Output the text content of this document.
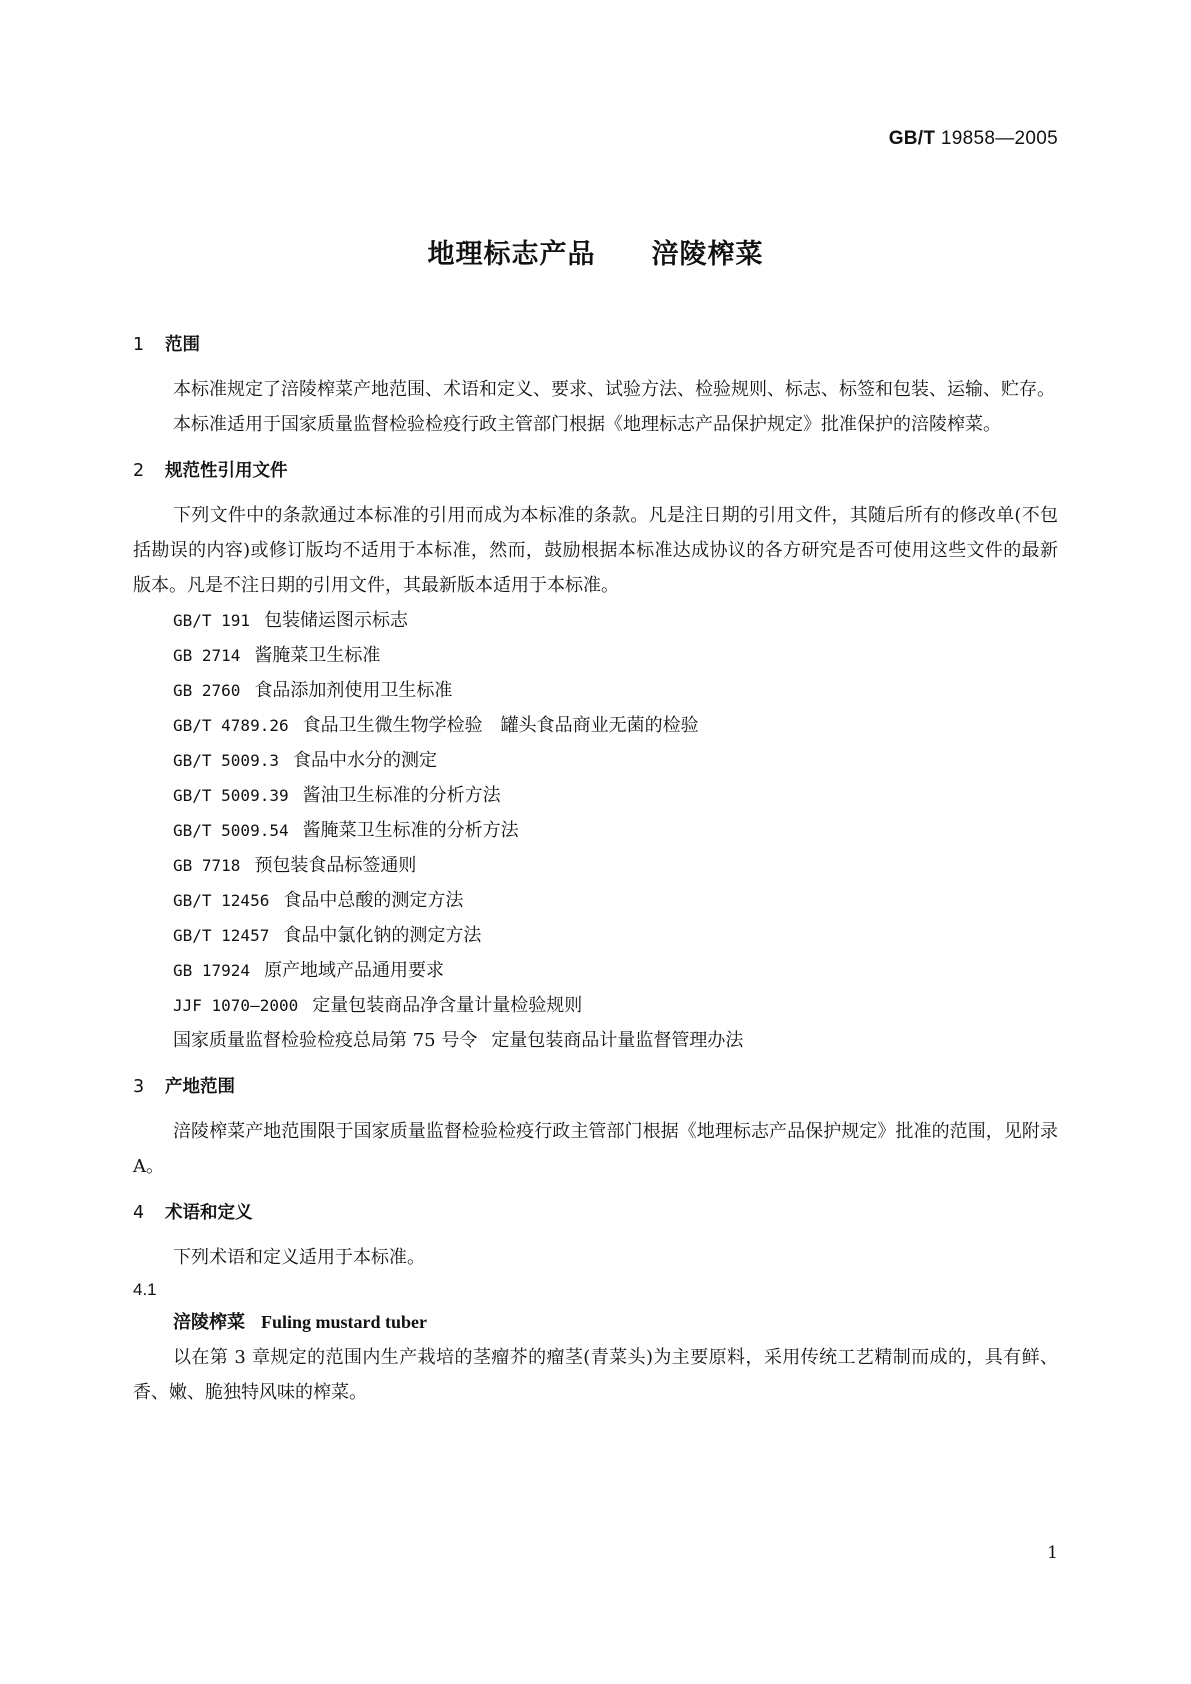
GB/T 19858—2005
地理标志产品　　涪陵榨菜
1 范围

本标准规定了涪陵榨菜产地范围、术语和定义、要求、试验方法、检验规则、标志、标签和包装、运输、贮存。

本标准适用于国家质量监督检验检疫行政主管部门根据《地理标志产品保护规定》批准保护的涪陵榨菜。

2 规范性引用文件

下列文件中的条款通过本标准的引用而成为本标准的条款。凡是注日期的引用文件，其随后所有的修改单(不包括勘误的内容)或修订版均不适用于本标准，然而，鼓励根据本标准达成协议的各方研究是否可使用这些文件的最新版本。凡是不注日期的引用文件，其最新版本适用于本标准。

GB/T 191 包装储运图示标志
GB 2714 酱腌菜卫生标准
GB 2760 食品添加剂使用卫生标准
GB/T 4789.26 食品卫生微生物学检验　罐头食品商业无菌的检验
GB/T 5009.3 食品中水分的测定
GB/T 5009.39 酱油卫生标准的分析方法
GB/T 5009.54 酱腌菜卫生标准的分析方法
GB 7718 预包装食品标签通则
GB/T 12456 食品中总酸的测定方法
GB/T 12457 食品中氯化钠的测定方法
GB 17924 原产地域产品通用要求
JJF 1070—2000 定量包装商品净含量计量检验规则
国家质量监督检验检疫总局第 75 号令 定量包装商品计量监督管理办法
3 产地范围

涪陵榨菜产地范围限于国家质量监督检验检疫行政主管部门根据《地理标志产品保护规定》批准的范围，见附录 A。

4 术语和定义

下列术语和定义适用于本标准。

4.1
涪陵榨菜 Fuling mustard tuber

以在第 3 章规定的范围内生产栽培的茎瘤芥的瘤茎(青菜头)为主要原料，采用传统工艺精制而成的，具有鲜、香、嫩、脆独特风味的榨菜。

1
